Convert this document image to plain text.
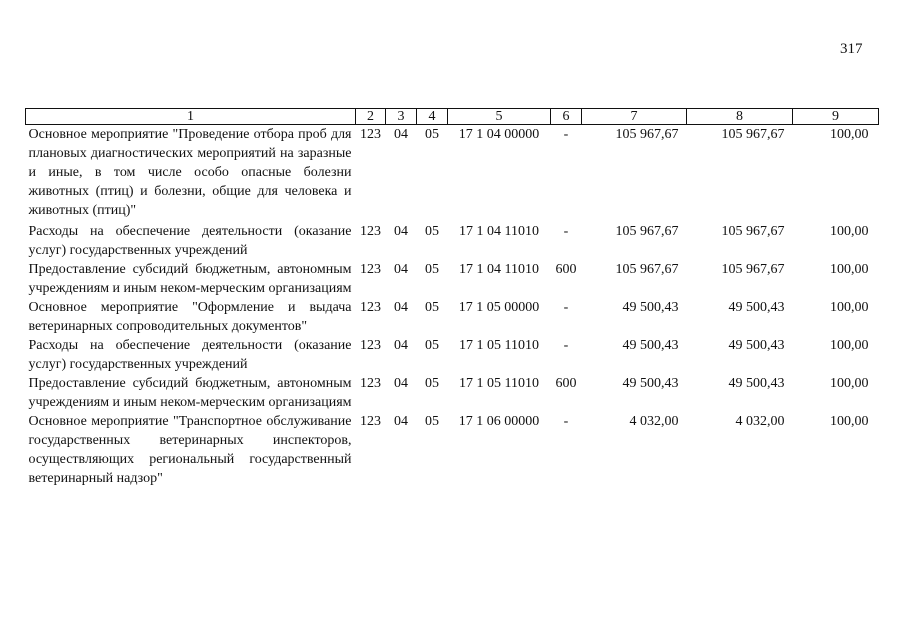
317
1	2	3	4	5	6	7	8	9
Основное мероприятие "Проведение отбора проб для плановых диагностических мероприятий на заразные и иные, в том числе особо опасные болезни животных (птиц) и болезни, общие для человека и животных (птиц)"	123	04	05	17 1 04 00000	-	105 967,67	105 967,67	100,00
Расходы на обеспечение деятельности (оказание услуг) государственных учреждений	123	04	05	17 1 04 11010	-	105 967,67	105 967,67	100,00
Предоставление субсидий бюджетным, автономным учреждениям и иным неком-мерческим организациям	123	04	05	17 1 04 11010	600	105 967,67	105 967,67	100,00
Основное мероприятие "Оформление и выдача ветеринарных сопроводительных документов"	123	04	05	17 1 05 00000	-	49 500,43	49 500,43	100,00
Расходы на обеспечение деятельности (оказание услуг) государственных учреждений	123	04	05	17 1 05 11010	-	49 500,43	49 500,43	100,00
Предоставление субсидий бюджетным, автономным учреждениям и иным неком-мерческим организациям	123	04	05	17 1 05 11010	600	49 500,43	49 500,43	100,00
Основное мероприятие "Транспортное обслуживание государственных ветеринарных инспекторов, осуществляющих региональный государственный ветеринарный надзор"	123	04	05	17 1 06 00000	-	4 032,00	4 032,00	100,00
